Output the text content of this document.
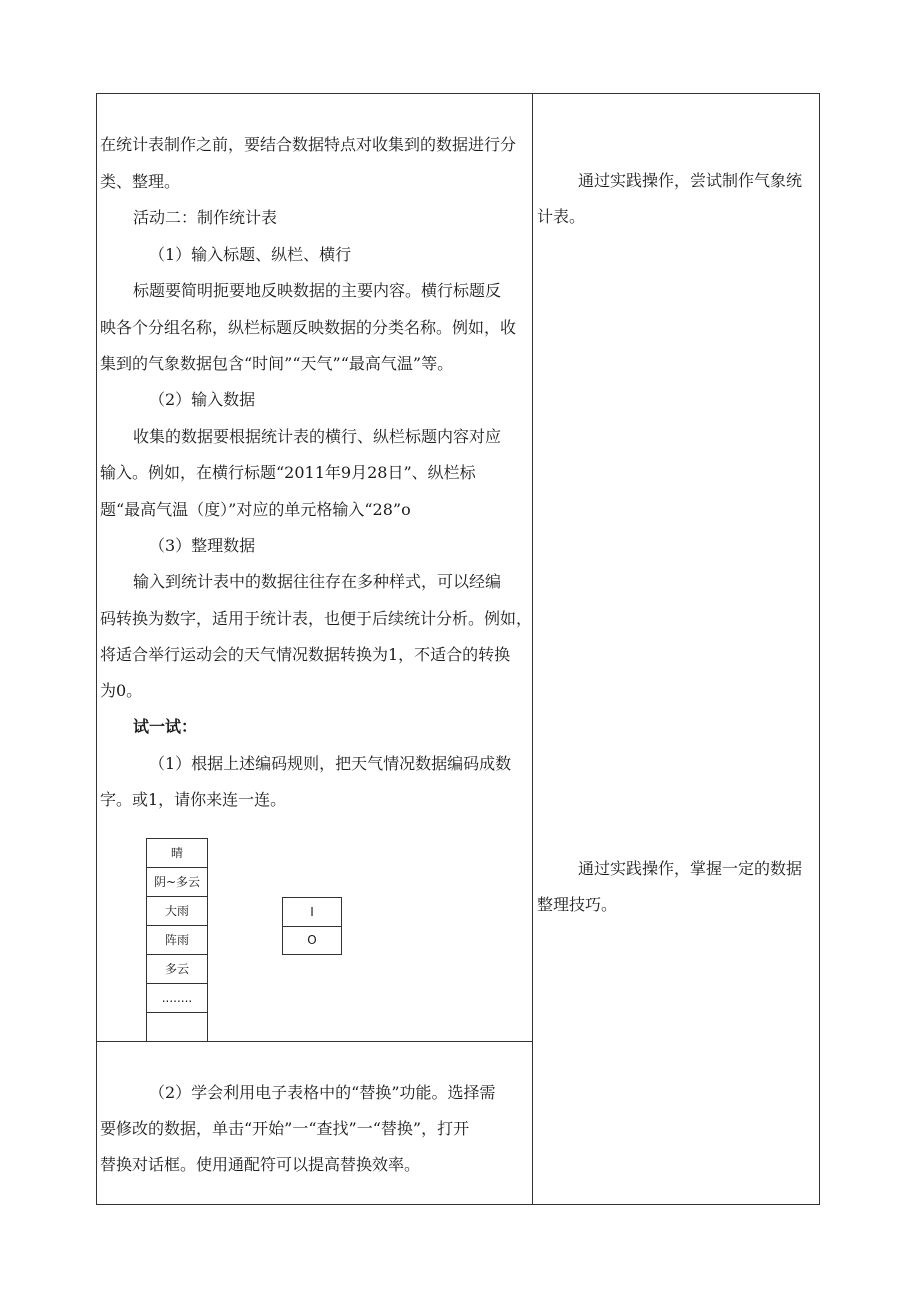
在统计表制作之前，要结合数据特点对收集到的数据进行分
类、整理。
活动二：制作统计表
（1）输入标题、纵栏、横行
标题要简明扼要地反映数据的主要内容。横行标题反
映各个分组名称，纵栏标题反映数据的分类名称。例如，收
集到的气象数据包含“时间”“天气”“最高气温”等。
（2）输入数据
收集的数据要根据统计表的横行、纵栏标题内容对应
输入。例如，在横行标题“2011年9月28日”、纵栏标
题“最高气温（度）”对应的单元格输入“28”o
（3）整理数据
输入到统计表中的数据往往存在多种样式，可以经编
码转换为数字，适用于统计表，也便于后续统计分析。例如，
将适合举行运动会的天气情况数据转换为1，不适合的转换
为0。
试一试：
（1）根据上述编码规则，把天气情况数据编码成数
字。或1，请你来连一连。
晴
阴~多云
大雨
阵雨
多云
........
I
O
（2）学会利用电子表格中的“替换”功能。选择需
要修改的数据，单击“开始”一“查找”一“替换”，打开
替换对话框。使用通配符可以提高替换效率。
通过实践操作，尝试制作气象统
计表。
通过实践操作，掌握一定的数据
整理技巧。
